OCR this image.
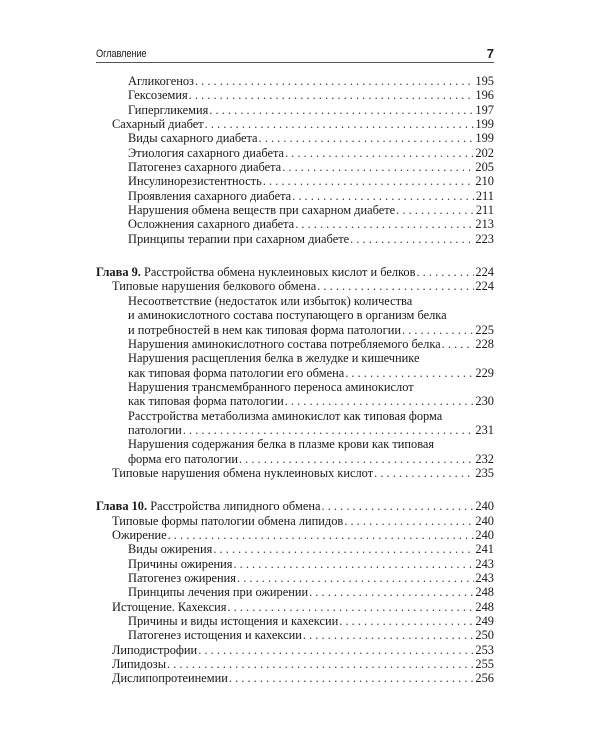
Оглавление	7
Агликогеноз . . .	195
Гексоземия . . .	196
Гипергликемия . . .	197
Сахарный диабет . . .	199
Виды сахарного диабета . . .	199
Этиология сахарного диабета . . .	202
Патогенез сахарного диабета . . .	205
Инсулинорезистентность . . .	210
Проявления сахарного диабета . . .	211
Нарушения обмена веществ при сахарном диабете . . .	211
Осложнения сахарного диабета . . .	213
Принципы терапии при сахарном диабете . . .	223
Глава 9. Расстройства обмена нуклеиновых кислот и белков . . .	224
Типовые нарушения белкового обмена . . .	224
Несоответствие (недостаток или избыток) количества
и аминокислотного состава поступающего в организм белка
и потребностей в нем как типовая форма патологии . . .	225
Нарушения аминокислотного состава потребляемого белка . . .	228
Нарушения расщепления белка в желудке и кишечнике
как типовая форма патологии его обмена . . .	229
Нарушения трансмембранного переноса аминокислот
как типовая форма патологии . . .	230
Расстройства метаболизма аминокислот как типовая форма
патологии . . .	231
Нарушения содержания белка в плазме крови как типовая
форма его патологии . . .	232
Типовые нарушения обмена нуклеиновых кислот . . .	235
Глава 10. Расстройства липидного обмена . . .	240
Типовые формы патологии обмена липидов . . .	240
Ожирение . . .	240
Виды ожирения . . .	241
Причины ожирения . . .	243
Патогенез ожирения . . .	243
Принципы лечения при ожирении . . .	248
Истощение. Кахексия . . .	248
Причины и виды истощения и кахексии . . .	249
Патогенез истощения и кахексии . . .	250
Липодистрофии . . .	253
Липидозы . . .	255
Дислипопротеинемии . . .	256
